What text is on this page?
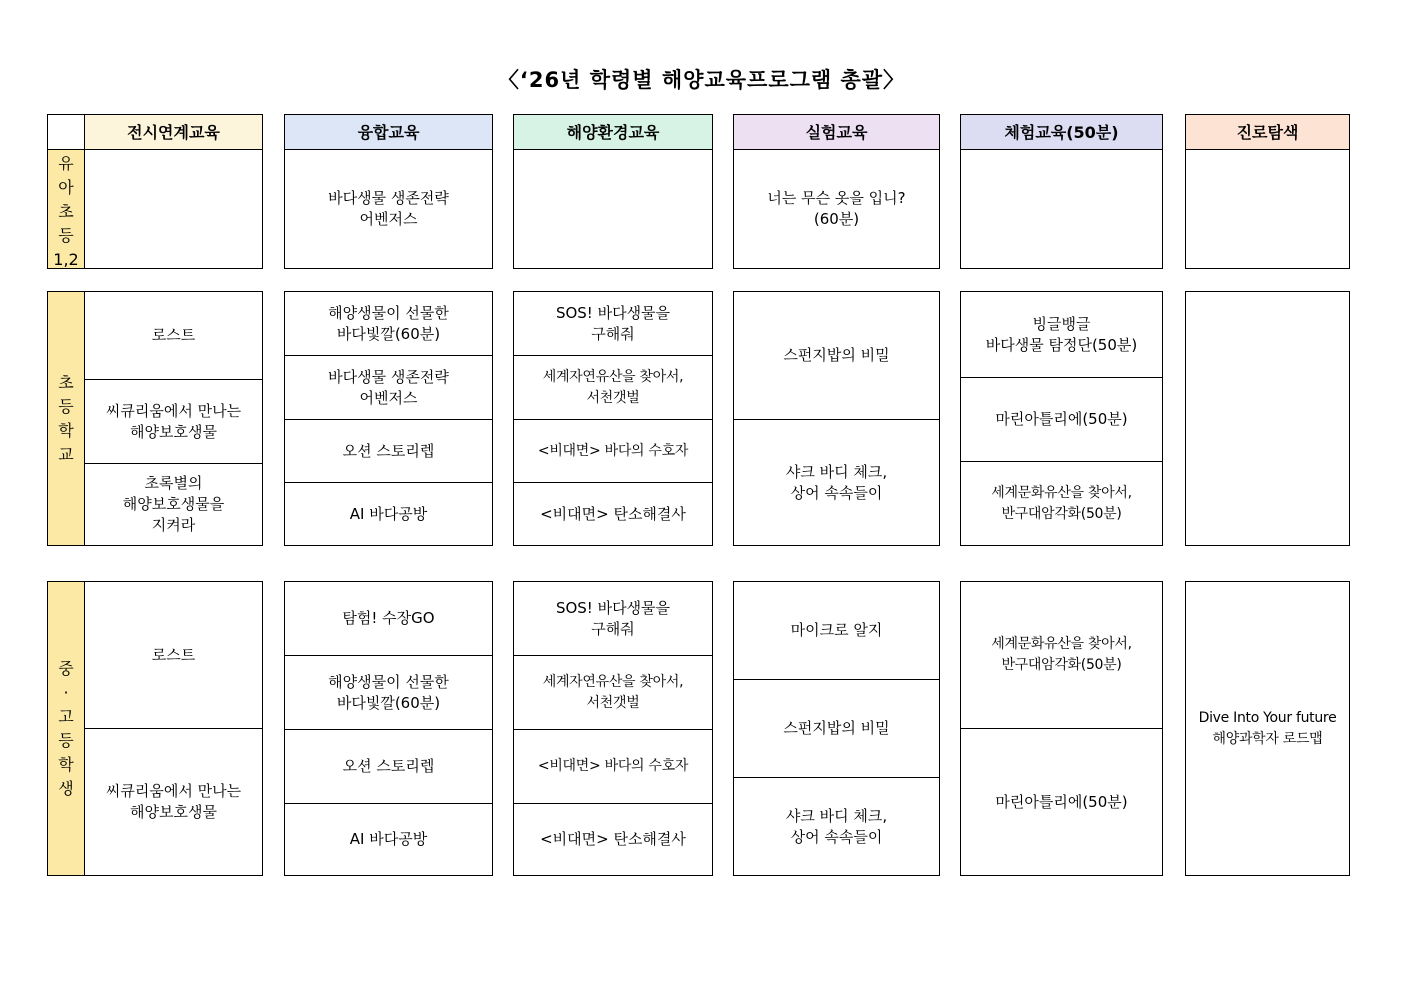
〈‘26년 학령별 해양교육프로그램 총괄〉
전시연계교육
유
아
초
등
1,2
융합교육
바다생물 생존전략
어벤저스
해양환경교육	실험교육
너는 무슨 옷을 입니?
(60분)
체험교육(50분)	진로탐색
초
등
학
교
로스트
씨큐리움에서 만나는
해양보호생물
초록별의
해양보호생물을
지켜라
해양생물이 선물한
바다빛깔(60분)
바다생물 생존전략
어벤저스
오션 스토리렙
AI 바다공방
SOS! 바다생물을
구해줘
세계자연유산을 찾아서,
서천갯벌
<비대면> 바다의 수호자
<비대면> 탄소해결사
스펀지밥의 비밀
샤크 바디 체크,
상어 속속들이
빙글뱅글
바다생물 탐정단(50분)
마린아틀리에(50분)
세계문화유산을 찾아서,
반구대암각화(50분)
중
·
고
등
학
생
로스트
씨큐리움에서 만나는
해양보호생물
탐험! 수장GO
해양생물이 선물한
바다빛깔(60분)
오션 스토리렙
AI 바다공방
SOS! 바다생물을
구해줘
세계자연유산을 찾아서,
서천갯벌
<비대면> 바다의 수호자
<비대면> 탄소해결사
마이크로 알지
스펀지밥의 비밀
샤크 바디 체크,
상어 속속들이
세계문화유산을 찾아서,
반구대암각화(50분)
마린아틀리에(50분)
Dive Into Your future
해양과학자 로드맵
